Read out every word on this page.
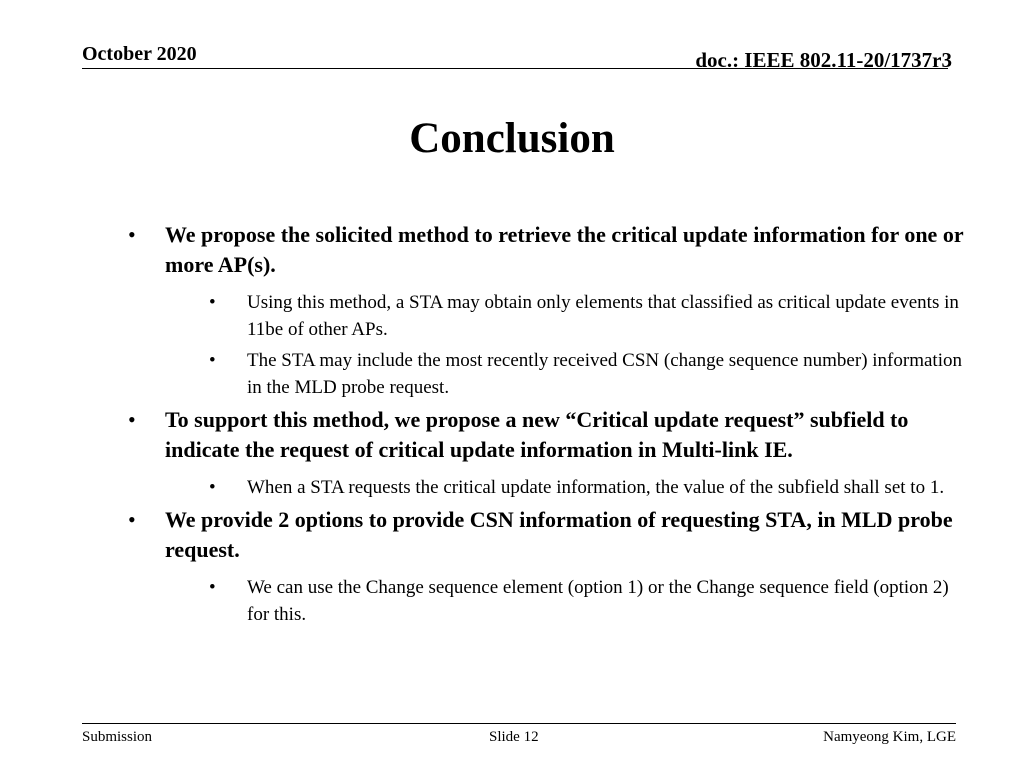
October 2020	doc.: IEEE 802.11-20/1737r3
Conclusion
• We propose the solicited method to retrieve the critical update information for one or more AP(s).
• Using this method, a STA may obtain only elements that classified as critical update events in 11be of other APs.
• The STA may include the most recently received CSN (change sequence number) information in the MLD probe request.
• To support this method, we propose a new “Critical update request” subfield to indicate the request of critical update information in Multi-link IE.
• When a STA requests the critical update information, the value of the subfield shall set to 1.
• We provide 2 options to provide CSN information of requesting STA, in MLD probe request.
• We can use the Change sequence element (option 1) or the Change sequence field (option 2) for this.
Submission	Slide 12	Namyeong Kim, LGE
